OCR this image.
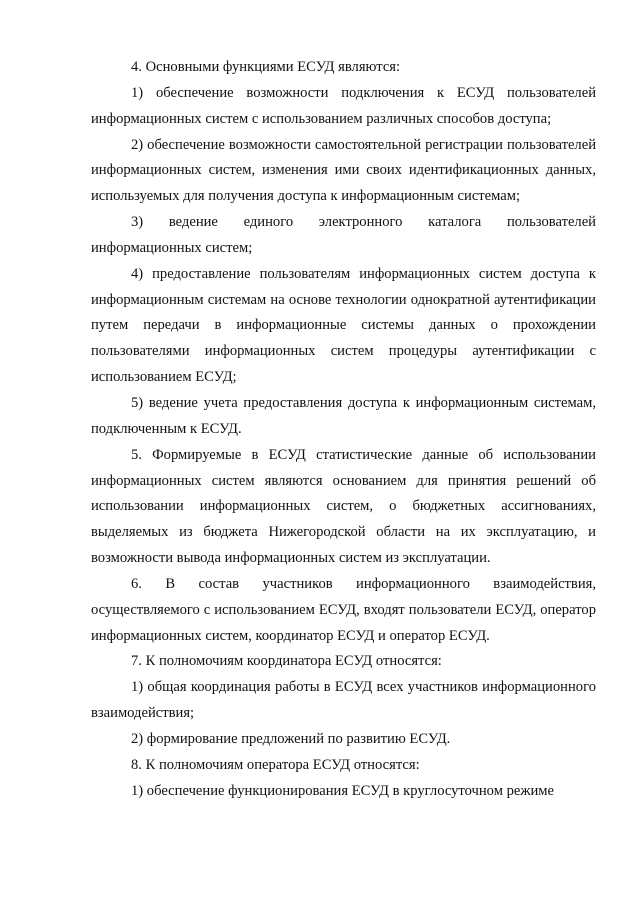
4. Основными функциями ЕСУД являются:

1) обеспечение возможности подключения к ЕСУД пользователей информационных систем с использованием различных способов доступа;

2) обеспечение возможности самостоятельной регистрации пользователей информационных систем, изменения ими своих идентификационных данных, используемых для получения доступа к информационным системам;

3) ведение единого электронного каталога пользователей информационных систем;

4) предоставление пользователям информационных систем доступа к информационным системам на основе технологии однократной аутентификации путем передачи в информационные системы данных о прохождении пользователями информационных систем процедуры аутентификации с использованием ЕСУД;

5) ведение учета предоставления доступа к информационным системам, подключенным к ЕСУД.

5. Формируемые в ЕСУД статистические данные об использовании информационных систем являются основанием для принятия решений об использовании информационных систем, о бюджетных ассигнованиях, выделяемых из бюджета Нижегородской области на их эксплуатацию, и возможности вывода информационных систем из эксплуатации.

6. В состав участников информационного взаимодействия, осуществляемого с использованием ЕСУД, входят пользователи ЕСУД, оператор информационных систем, координатор ЕСУД и оператор ЕСУД.

7. К полномочиям координатора ЕСУД относятся:

1) общая координация работы в ЕСУД всех участников информационного взаимодействия;

2) формирование предложений по развитию ЕСУД.

8. К полномочиям оператора ЕСУД относятся:

1) обеспечение функционирования ЕСУД в круглосуточном режиме
